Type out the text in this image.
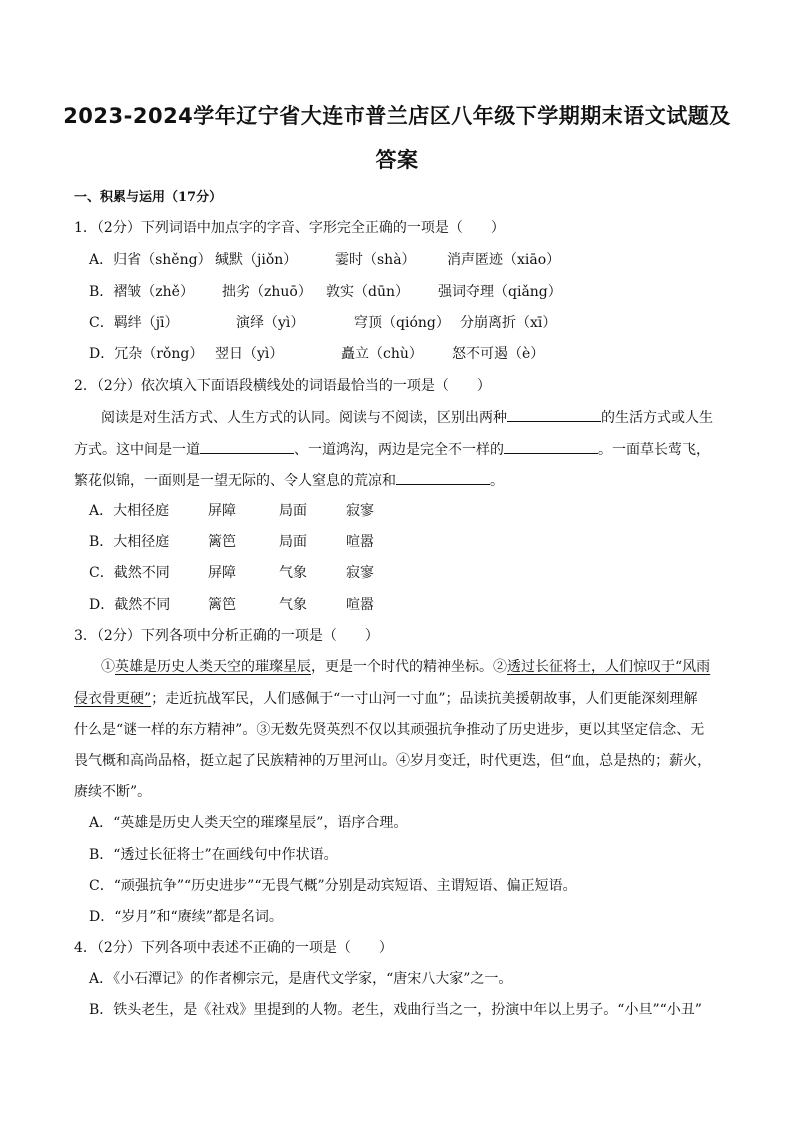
2023-2024学年辽宁省大连市普兰店区八年级下学期期末语文试题及
答案
一、积累与运用（17分）
1．（2分）下列词语中加点字的字音、字形完全正确的一项是（　　）
A．归省（shěng） 缄默（jiǒn）	霎时（shà） 消声匿迹（xiāo）
B．褶皱（zhě） 拙劣（zhuō） 敦实（dūn） 强词夺理（qiǎng）
C．羁绊（jī）	演绎（yì）	穹顶（qióng） 分崩离折（xī）
D．冗杂（rǒng） 翌日（yì）	矗立（chù） 怒不可遏（è）
2．（2分）依次填入下面语段横线处的词语最恰当的一项是（　　）
阅读是对生活方式、人生方式的认同。阅读与不阅读，区别出两种	的生活方式或人生
方式。这中间是一道	、一道鸿沟，两边是完全不一样的	。一面草长莺飞，
繁花似锦，一面则是一望无际的、令人窒息的荒凉和	。
A．大相径庭	屏障	局面	寂寥
B．大相径庭	篱笆	局面	喧嚣
C．截然不同	屏障	气象	寂寥
D．截然不同	篱笆	气象	喧嚣
3．（2分）下列各项中分析正确的一项是（　　）
①英雄是历史人类天空的璀璨星辰，更是一个时代的精神坐标。②透过长征将士，人们惊叹于“风雨
侵衣骨更硬”；走近抗战军民，人们感佩于“一寸山河一寸血”；品读抗美援朝故事，人们更能深刻理解
什么是“谜一样的东方精神”。③无数先贤英烈不仅以其顽强抗争推动了历史进步，更以其坚定信念、无
畏气概和高尚品格，挺立起了民族精神的万里河山。④岁月变迁，时代更迭，但“血，总是热的；薪火，
赓续不断”。
A．“英雄是历史人类天空的璀璨星辰”，语序合理。
B．“透过长征将士”在画线句中作状语。
C．“顽强抗争”“历史进步”“无畏气概”分别是动宾短语、主谓短语、偏正短语。
D．“岁月”和“赓续”都是名词。
4．（2分）下列各项中表述不正确的一项是（　　）
A．《小石潭记》的作者柳宗元，是唐代文学家，“唐宋八大家”之一。
B．铁头老生，是《社戏》里提到的人物。老生，戏曲行当之一，扮演中年以上男子。“小旦”“小丑”
